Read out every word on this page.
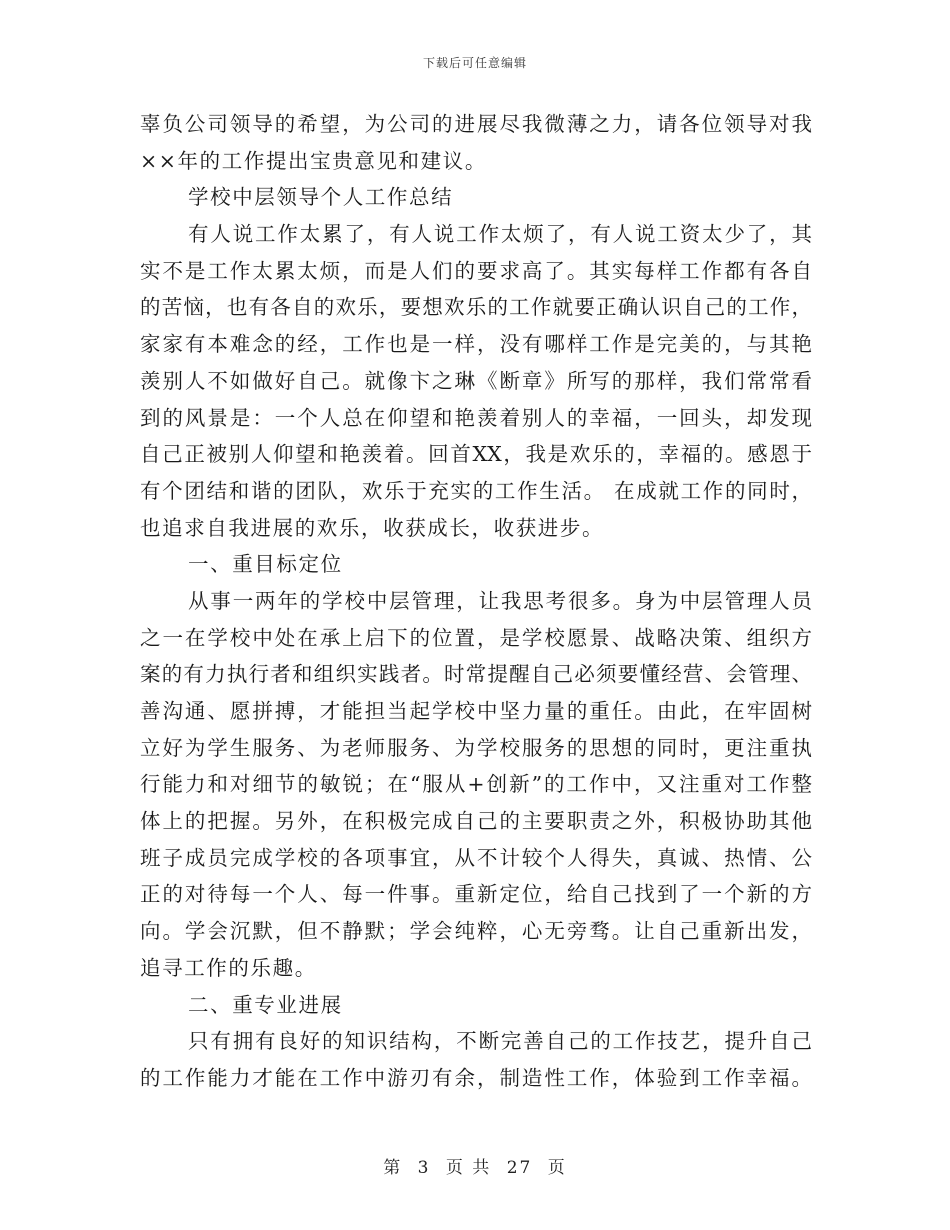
下载后可任意编辑
辜负公司领导的希望，为公司的进展尽我微薄之力，请各位领导对我
××年的工作提出宝贵意见和建议。
学校中层领导个人工作总结
有人说工作太累了，有人说工作太烦了，有人说工资太少了，其
实不是工作太累太烦，而是人们的要求高了。其实每样工作都有各自
的苦恼，也有各自的欢乐，要想欢乐的工作就要正确认识自己的工作，
家家有本难念的经，工作也是一样，没有哪样工作是完美的，与其艳
羡别人不如做好自己。就像卞之琳《断章》所写的那样，我们常常看
到的风景是：一个人总在仰望和艳羡着别人的幸福，一回头，却发现
自己正被别人仰望和艳羡着。回首XX，我是欢乐的，幸福的。感恩于
有个团结和谐的团队，欢乐于充实的工作生活。 在成就工作的同时，
也追求自我进展的欢乐，收获成长，收获进步。
一、重目标定位
从事一两年的学校中层管理，让我思考很多。身为中层管理人员
之一在学校中处在承上启下的位置，是学校愿景、战略决策、组织方
案的有力执行者和组织实践者。时常提醒自己必须要懂经营、会管理、
善沟通、愿拼搏，才能担当起学校中坚力量的重任。由此，在牢固树
立好为学生服务、为老师服务、为学校服务的思想的同时，更注重执
行能力和对细节的敏锐；在“服从+创新”的工作中，又注重对工作整
体上的把握。另外，在积极完成自己的主要职责之外，积极协助其他
班子成员完成学校的各项事宜，从不计较个人得失，真诚、热情、公
正的对待每一个人、每一件事。重新定位，给自己找到了一个新的方
向。学会沉默，但不静默；学会纯粹，心无旁骛。让自己重新出发，
追寻工作的乐趣。
二、重专业进展
只有拥有良好的知识结构，不断完善自己的工作技艺，提升自己
的工作能力才能在工作中游刃有余，制造性工作，体验到工作幸福。
第 3 页 共 27 页
